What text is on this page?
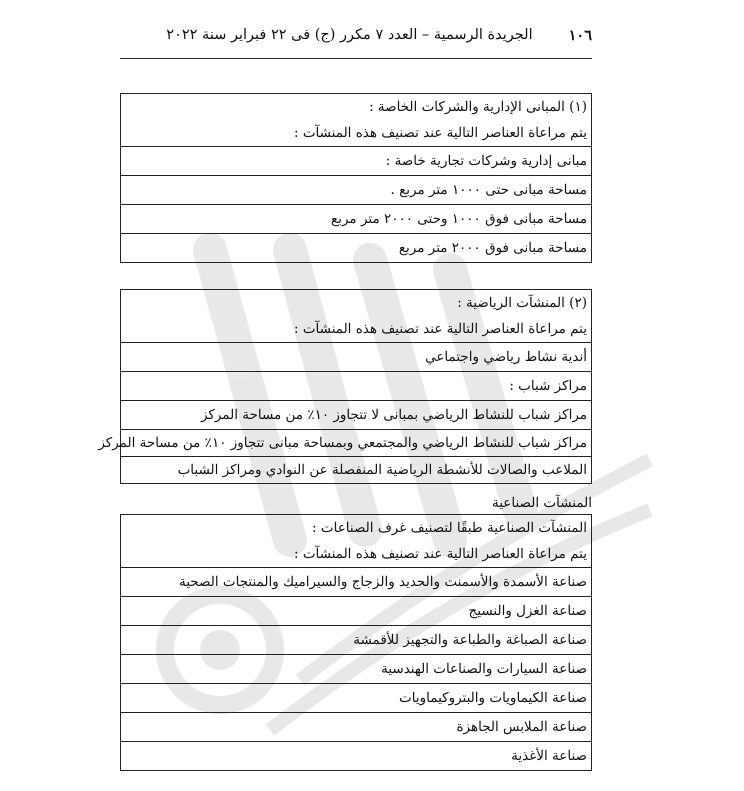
١٠٦
الجريدة الرسمية – العدد ٧ مكرر (ج) فى ٢٢ فبراير سنة ٢٠٢٢
(١) المبانى الإدارية والشركات الخاصة :
يتم مراعاة العناصر التالية عند تصنيف هذه المنشآت :
مبانى إدارية وشركات تجارية خاصة :
مساحة مبانى حتى ١٠٠٠ متر مربع .
مساحة مبانى فوق ١٠٠٠ وحتى ٢٠٠٠ متر مربع
مساحة مبانى فوق ٢٠٠٠ متر مربع
(٢) المنشآت الرياضية :
يتم مراعاة العناصر التالية عند تصنيف هذه المنشآت :
أندية نشاط رياضي واجتماعي
مراكز شباب :
مراكز شباب للنشاط الرياضي بمبانى لا تتجاوز ١٠٪ من مساحة المركز
مراكز شباب للنشاط الرياضي والمجتمعي وبمساحة مبانى تتجاوز ١٠٪ من مساحة المركز
الملاعب والصالات للأنشطة الرياضية المنفصلة عن النوادي ومراكز الشباب
المنشآت الصناعية
المنشآت الصناعية طبقًا لتصنيف غرف الصناعات :
يتم مراعاة العناصر التالية عند تصنيف هذه المنشآت :
صناعة الأسمدة والأسمنت والحديد والزجاج والسيراميك والمنتجات الصحية
صناعة الغزل والنسيج
صناعة الصباغة والطباعة والتجهيز للأقمشة
صناعة السيارات والصناعات الهندسية
صناعة الكيماويات والبتروكيماويات
صناعة الملابس الجاهزة
صناعة الأغذية
